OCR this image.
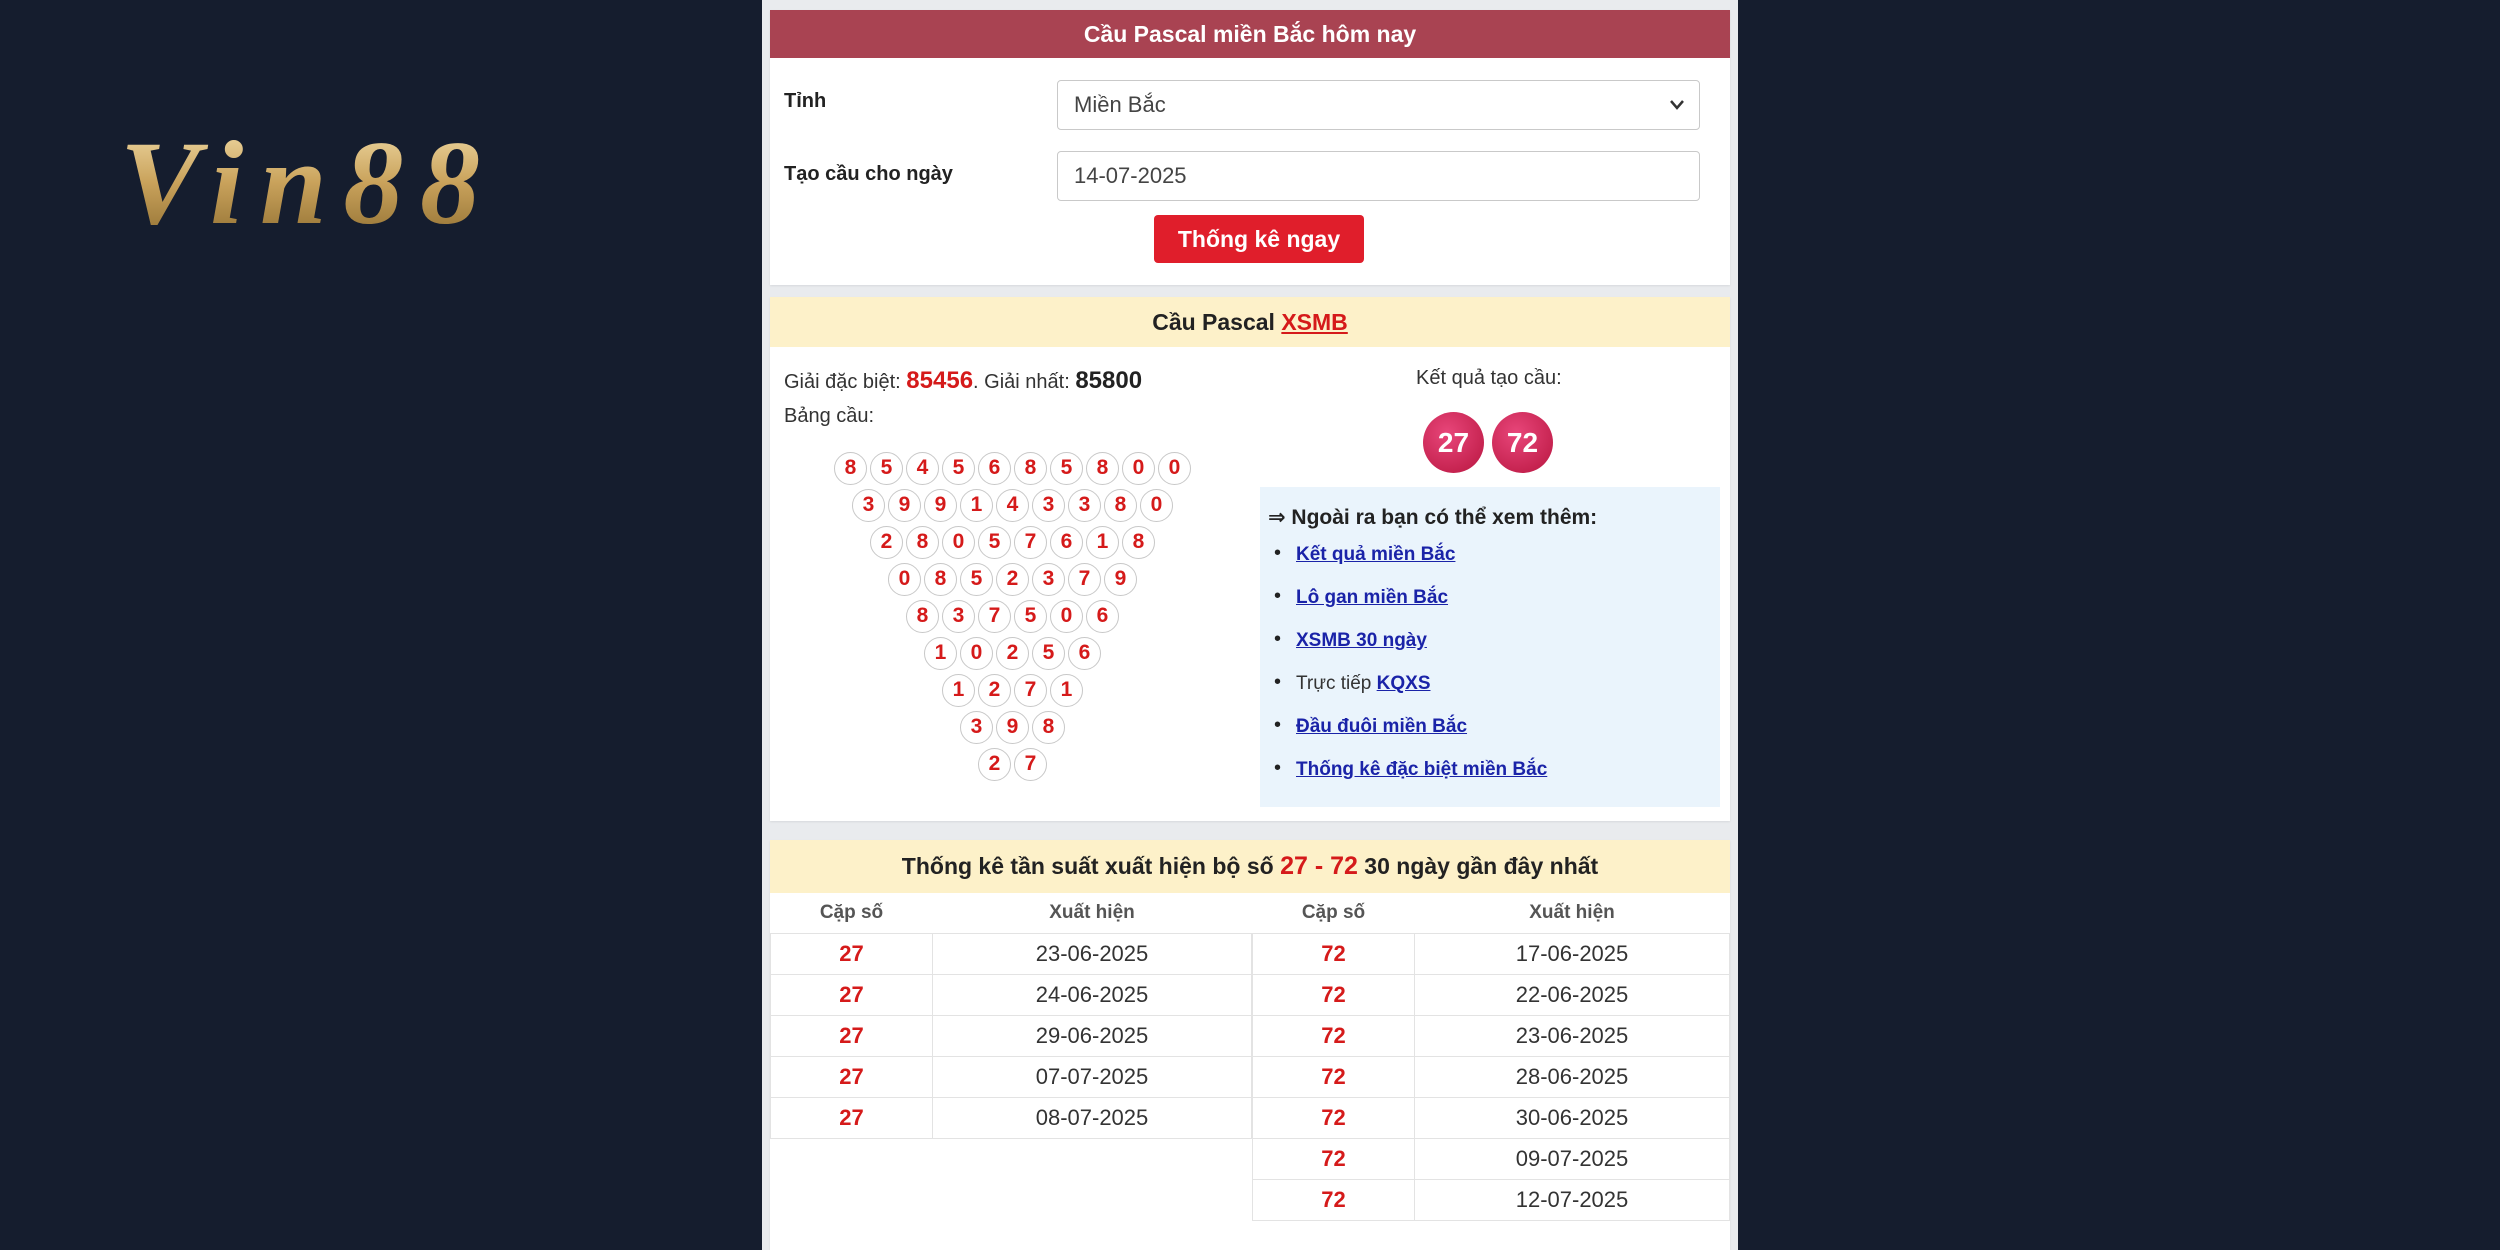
Vin88
Cầu Pascal miền Bắc hôm nay
Tỉnh	Miền Bắc
Tạo cầu cho ngày	14-07-2025
Thống kê ngay
Cầu Pascal XSMB
Giải đặc biệt: 85456. Giải nhất: 85800
Bảng cầu:
Kết quả tạo cầu:
27	72
8	5	4	5	6	8	5	8	0	0
3	9	9	1	4	3	3	8	0
2	8	0	5	7	6	1	8
0	8	5	2	3	7	9
8	3	7	5	0	6
1	0	2	5	6
1	2	7	1
3	9	8
2	7
⇒ Ngoài ra bạn có thể xem thêm:
• Kết quả miền Bắc
• Lô gan miền Bắc
• XSMB 30 ngày
• Trực tiếp KQXS
• Đầu đuôi miền Bắc
• Thống kê đặc biệt miền Bắc
Thống kê tần suất xuất hiện bộ số 27 - 72 30 ngày gần đây nhất
Cặp số	Xuất hiện
27	23-06-2025
27	24-06-2025
27	29-06-2025
27	07-07-2025
27	08-07-2025
Cặp số	Xuất hiện
72	17-06-2025
72	22-06-2025
72	23-06-2025
72	28-06-2025
72	30-06-2025
72	09-07-2025
72	12-07-2025
